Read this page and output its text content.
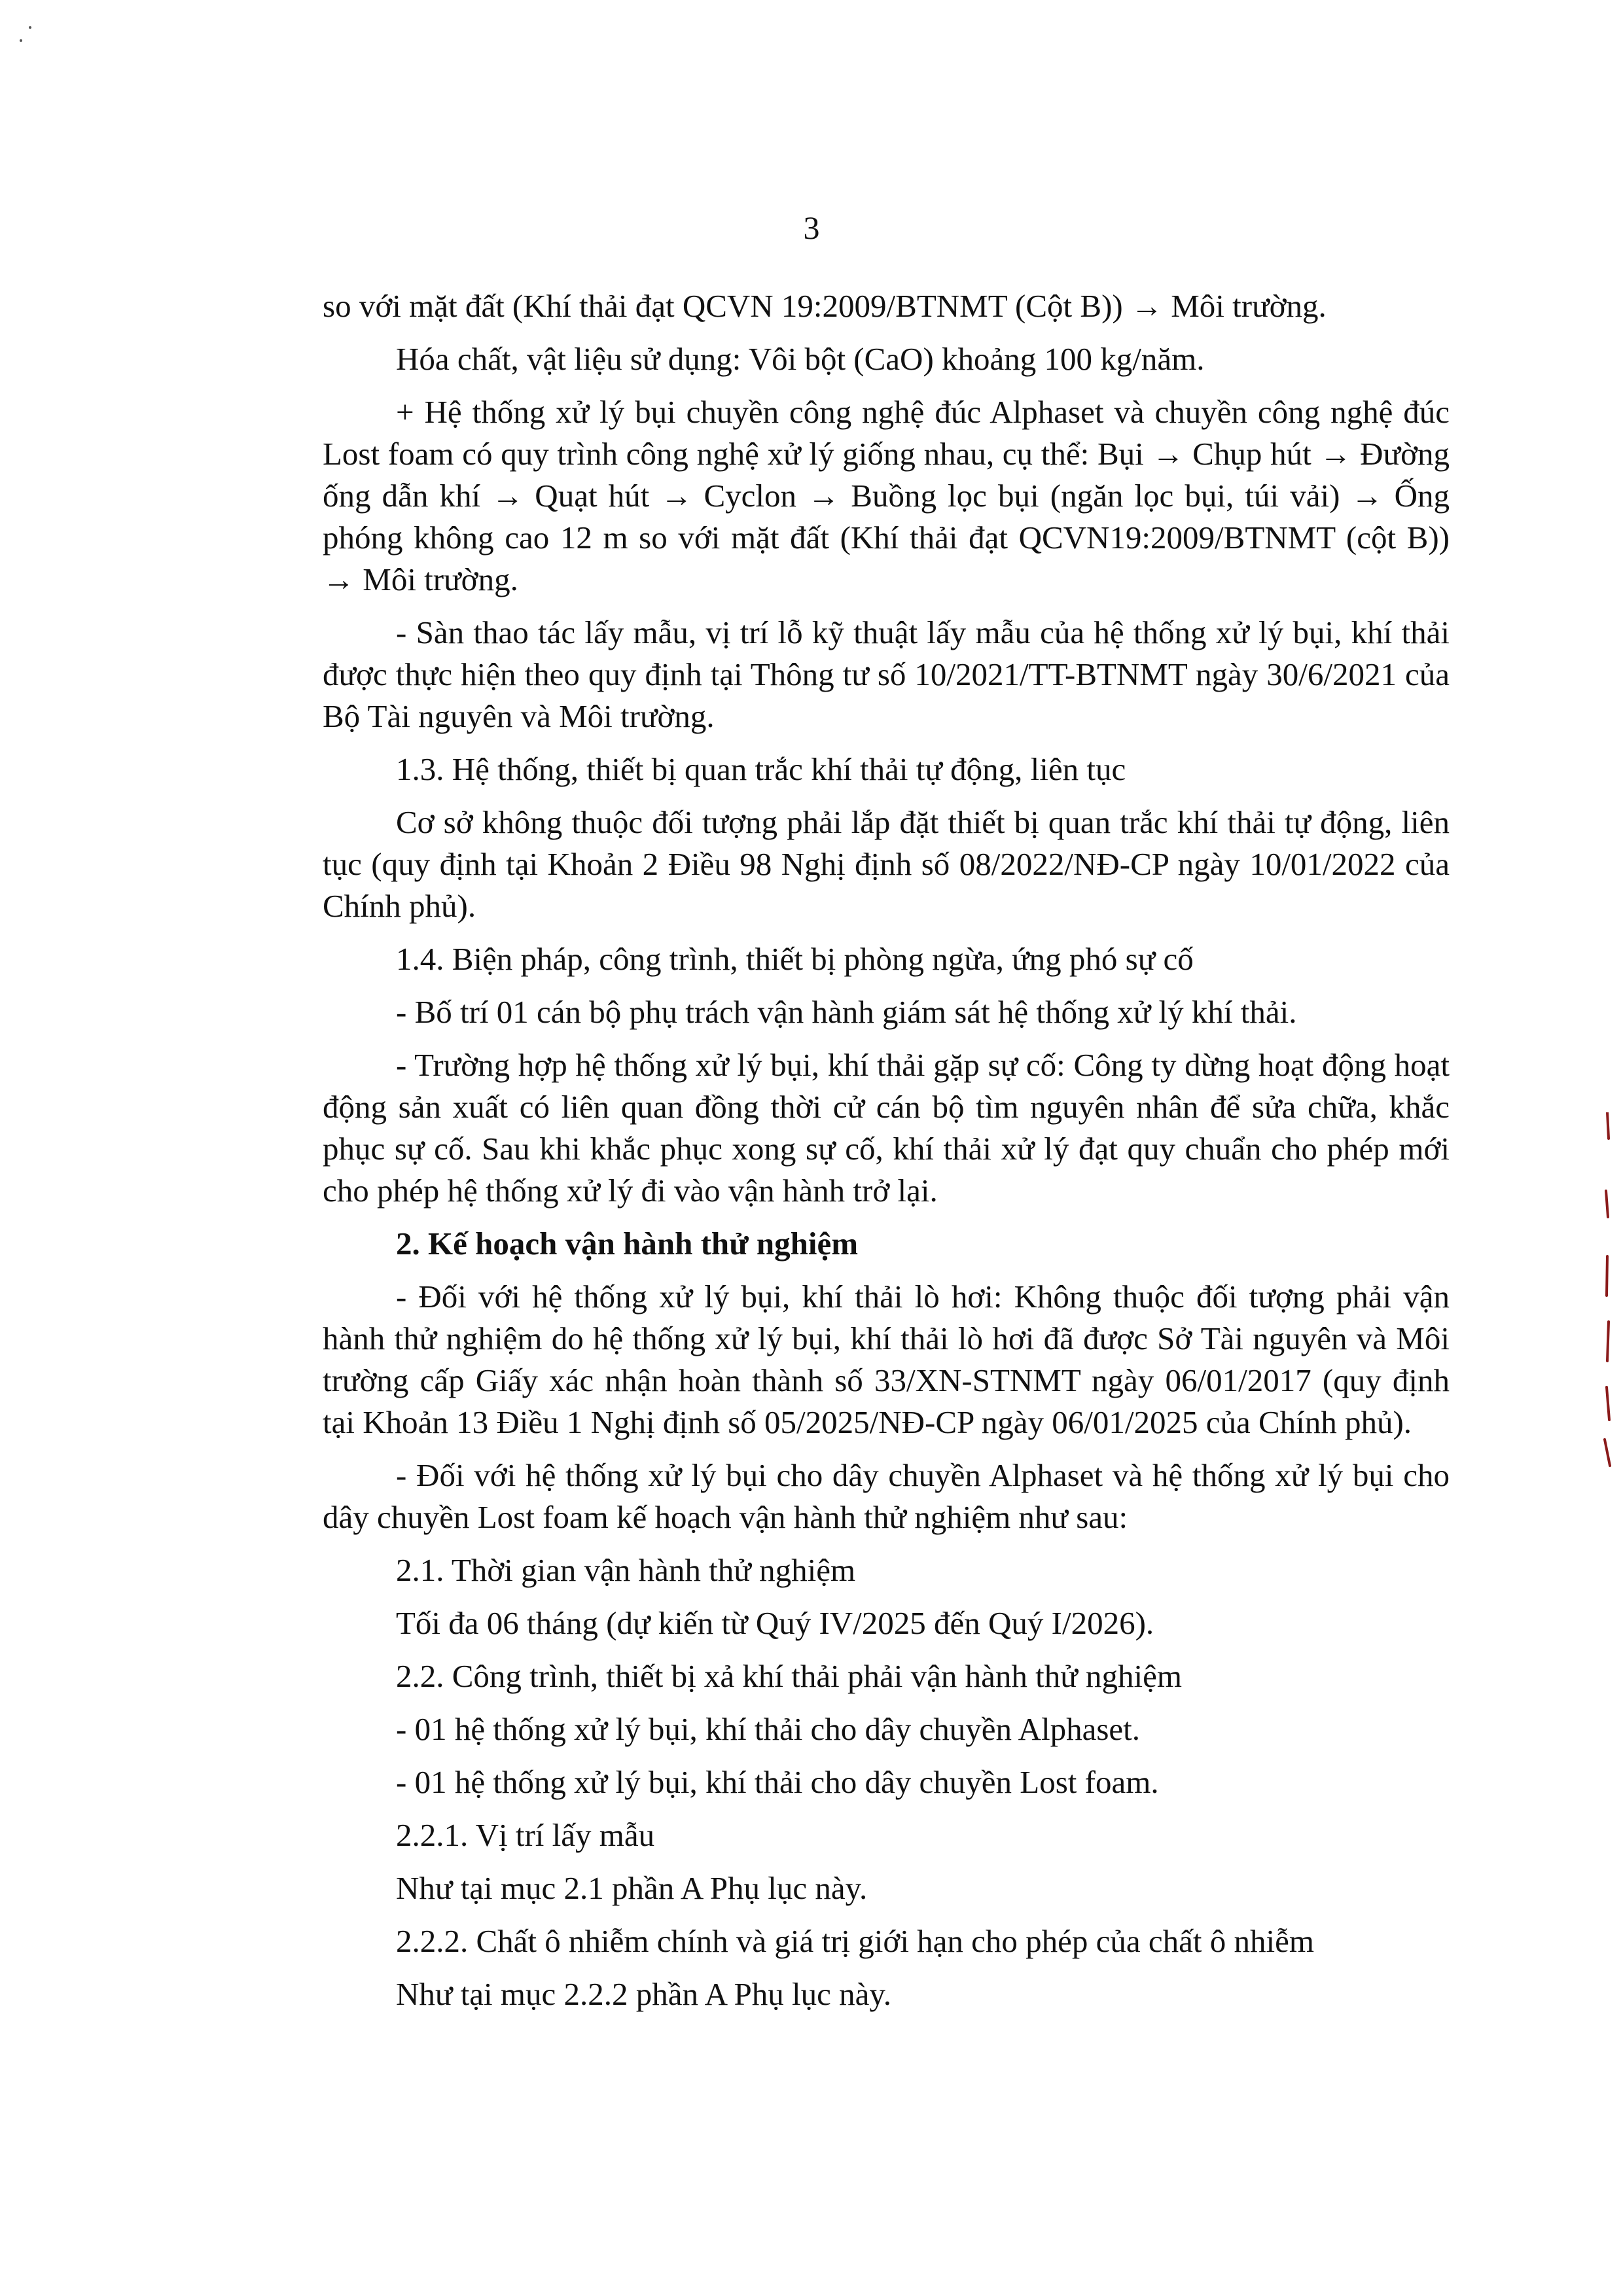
3

so với mặt đất (Khí thải đạt QCVN 19:2009/BTNMT (Cột B)) → Môi trường.

Hóa chất, vật liệu sử dụng: Vôi bột (CaO) khoảng 100 kg/năm.

+ Hệ thống xử lý bụi chuyền công nghệ đúc Alphaset và chuyền công nghệ đúc Lost foam có quy trình công nghệ xử lý giống nhau, cụ thể: Bụi → Chụp hút → Đường ống dẫn khí → Quạt hút → Cyclon → Buồng lọc bụi (ngăn lọc bụi, túi vải) → Ống phóng không cao 12 m so với mặt đất (Khí thải đạt QCVN19:2009/BTNMT (cột B)) → Môi trường.

- Sàn thao tác lấy mẫu, vị trí lỗ kỹ thuật lấy mẫu của hệ thống xử lý bụi, khí thải được thực hiện theo quy định tại Thông tư số 10/2021/TT-BTNMT ngày 30/6/2021 của Bộ Tài nguyên và Môi trường.

1.3. Hệ thống, thiết bị quan trắc khí thải tự động, liên tục

Cơ sở không thuộc đối tượng phải lắp đặt thiết bị quan trắc khí thải tự động, liên tục (quy định tại Khoản 2 Điều 98 Nghị định số 08/2022/NĐ-CP ngày 10/01/2022 của Chính phủ).

1.4. Biện pháp, công trình, thiết bị phòng ngừa, ứng phó sự cố

- Bố trí 01 cán bộ phụ trách vận hành giám sát hệ thống xử lý khí thải.

- Trường hợp hệ thống xử lý bụi, khí thải gặp sự cố: Công ty dừng hoạt động hoạt động sản xuất có liên quan đồng thời cử cán bộ tìm nguyên nhân để sửa chữa, khắc phục sự cố. Sau khi khắc phục xong sự cố, khí thải xử lý đạt quy chuẩn cho phép mới cho phép hệ thống xử lý đi vào vận hành trở lại.

2. Kế hoạch vận hành thử nghiệm

- Đối với hệ thống xử lý bụi, khí thải lò hơi: Không thuộc đối tượng phải vận hành thử nghiệm do hệ thống xử lý bụi, khí thải lò hơi đã được Sở Tài nguyên và Môi trường cấp Giấy xác nhận hoàn thành số 33/XN-STNMT ngày 06/01/2017 (quy định tại Khoản 13 Điều 1 Nghị định số 05/2025/NĐ-CP ngày 06/01/2025 của Chính phủ).

- Đối với hệ thống xử lý bụi cho dây chuyền Alphaset và hệ thống xử lý bụi cho dây chuyền Lost foam kế hoạch vận hành thử nghiệm như sau:

2.1. Thời gian vận hành thử nghiệm

Tối đa 06 tháng (dự kiến từ Quý IV/2025 đến Quý I/2026).

2.2. Công trình, thiết bị xả khí thải phải vận hành thử nghiệm

- 01 hệ thống xử lý bụi, khí thải cho dây chuyền Alphaset.

- 01 hệ thống xử lý bụi, khí thải cho dây chuyền Lost foam.

2.2.1. Vị trí lấy mẫu

Như tại mục 2.1 phần A Phụ lục này.

2.2.2. Chất ô nhiễm chính và giá trị giới hạn cho phép của chất ô nhiễm

Như tại mục 2.2.2 phần A Phụ lục này.
